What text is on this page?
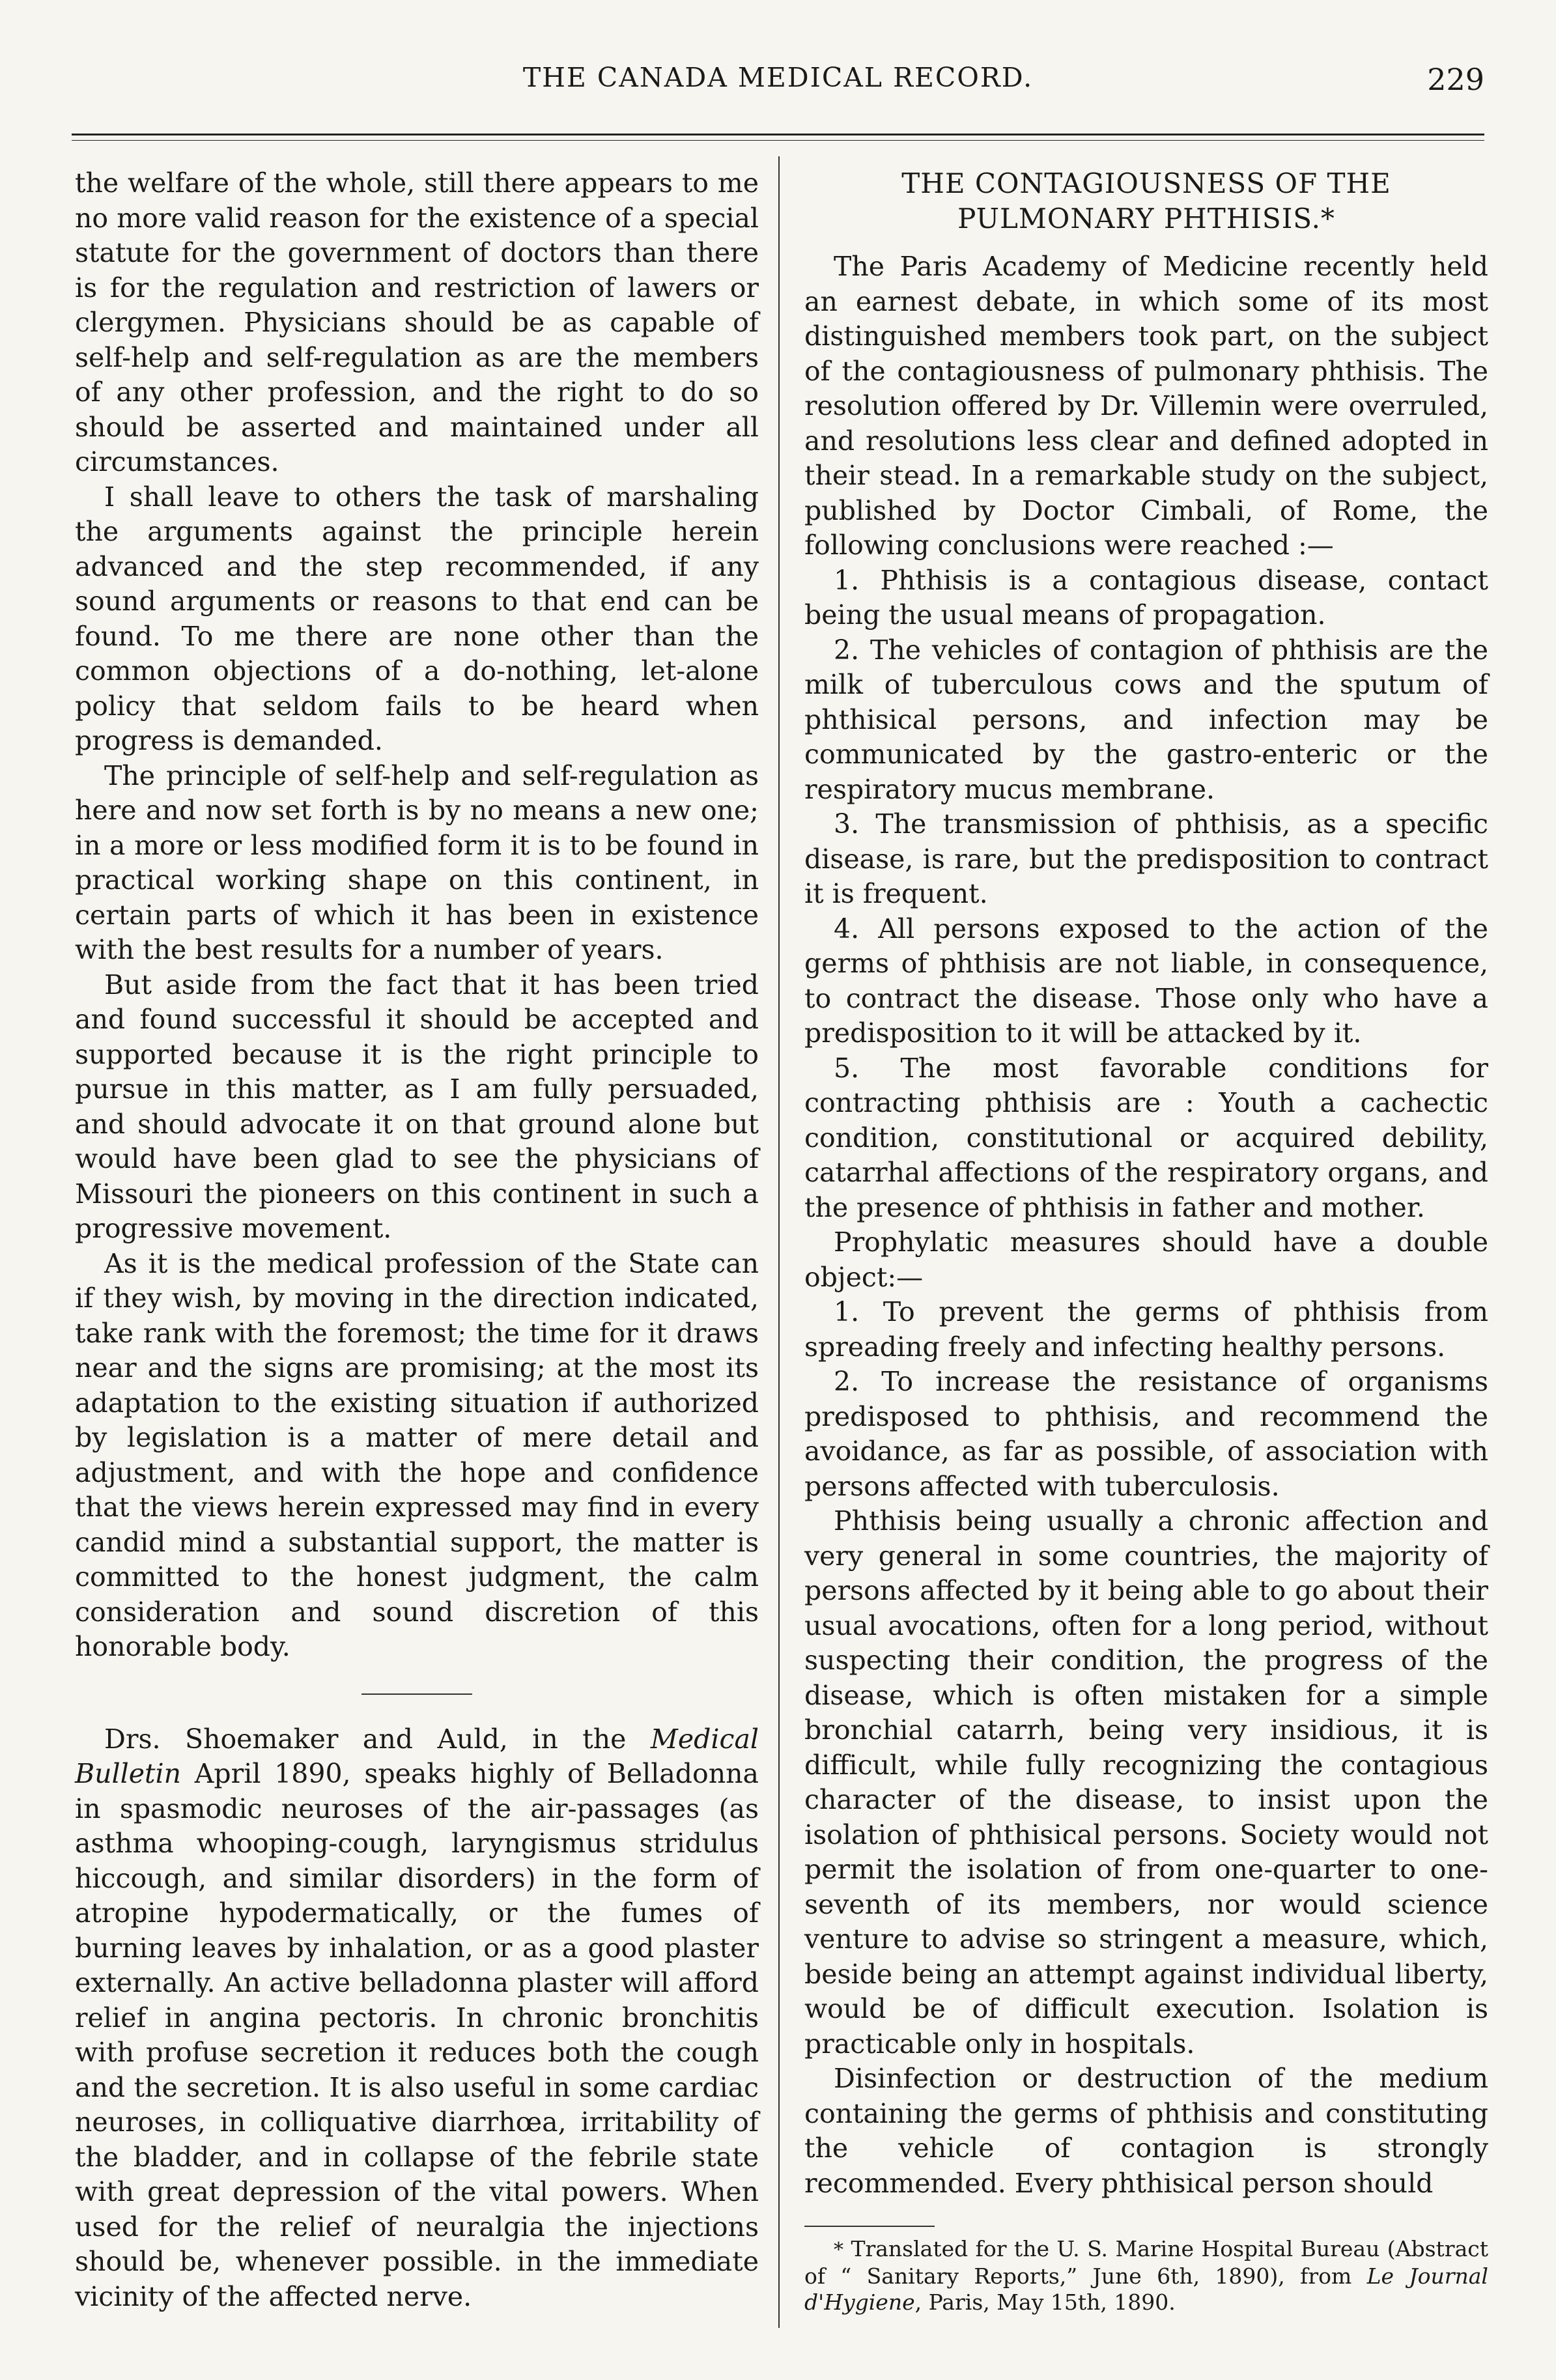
THE CANADA MEDICAL RECORD.	229

the welfare of the whole, still there appears to me no more valid reason for the existence of a special statute for the government of doctors than there is for the regulation and restriction of lawers or clergymen. Physicians should be as capable of self-help and self-regulation as are the members of any other profession, and the right to do so should be asserted and maintained under all circumstances.

I shall leave to others the task of marshaling the arguments against the principle herein advanced and the step recommended, if any sound arguments or reasons to that end can be found. To me there are none other than the common objections of a do-nothing, let-alone policy that seldom fails to be heard when progress is demanded.

The principle of self-help and self-regulation as here and now set forth is by no means a new one; in a more or less modified form it is to be found in practical working shape on this continent, in certain parts of which it has been in existence with the best results for a number of years.

But aside from the fact that it has been tried and found successful it should be accepted and supported because it is the right principle to pursue in this matter, as I am fully persuaded, and should advocate it on that ground alone but would have been glad to see the physicians of Missouri the pioneers on this continent in such a progressive movement.

As it is the medical profession of the State can if they wish, by moving in the direction indicated, take rank with the foremost; the time for it draws near and the signs are promising; at the most its adaptation to the existing situation if authorized by legislation is a matter of mere detail and adjustment, and with the hope and confidence that the views herein expressed may find in every candid mind a substantial support, the matter is committed to the honest judgment, the calm consideration and sound discretion of this honorable body.

Drs. Shoemaker and Auld, in the Medical Bulletin April 1890, speaks highly of Belladonna in spasmodic neuroses of the air-passages (as asthma whooping-cough, laryngismus stridulus hiccough, and similar disorders) in the form of atropine hypodermatically, or the fumes of burning leaves by inhalation, or as a good plaster externally. An active belladonna plaster will afford relief in angina pectoris. In chronic bronchitis with profuse secretion it reduces both the cough and the secretion. It is also useful in some cardiac neuroses, in colliquative diarrhœa, irritability of the bladder, and in collapse of the febrile state with great depression of the vital powers. When used for the relief of neuralgia the injections should be, whenever possible. in the immediate vicinity of the affected nerve.

THE CONTAGIOUSNESS OF THE PULMONARY PHTHISIS.*

The Paris Academy of Medicine recently held an earnest debate, in which some of its most distinguished members took part, on the subject of the contagiousness of pulmonary phthisis. The resolution offered by Dr. Villemin were overruled, and resolutions less clear and defined adopted in their stead. In a remarkable study on the subject, published by Doctor Cimbali, of Rome, the following conclusions were reached :—

1. Phthisis is a contagious disease, contact being the usual means of propagation.

2. The vehicles of contagion of phthisis are the milk of tuberculous cows and the sputum of phthisical persons, and infection may be communicated by the gastro-enteric or the respiratory mucus membrane.

3. The transmission of phthisis, as a specific disease, is rare, but the predisposition to contract it is frequent.

4. All persons exposed to the action of the germs of phthisis are not liable, in consequence, to contract the disease. Those only who have a predisposition to it will be attacked by it.

5. The most favorable conditions for contracting phthisis are : Youth a cachectic condition, constitutional or acquired debility, catarrhal affections of the respiratory organs, and the presence of phthisis in father and mother.

Prophylatic measures should have a double object:—

1. To prevent the germs of phthisis from spreading freely and infecting healthy persons.

2. To increase the resistance of organisms predisposed to phthisis, and recommend the avoidance, as far as possible, of association with persons affected with tuberculosis.

Phthisis being usually a chronic affection and very general in some countries, the majority of persons affected by it being able to go about their usual avocations, often for a long period, without suspecting their condition, the progress of the disease, which is often mistaken for a simple bronchial catarrh, being very insidious, it is difficult, while fully recognizing the contagious character of the disease, to insist upon the isolation of phthisical persons. Society would not permit the isolation of from one-quarter to one-seventh of its members, nor would science venture to advise so stringent a measure, which, beside being an attempt against individual liberty, would be of difficult execution. Isolation is practicable only in hospitals.

Disinfection or destruction of the medium containing the germs of phthisis and constituting the vehicle of contagion is strongly recommended. Every phthisical person should

* Translated for the U. S. Marine Hospital Bureau (Abstract of “ Sanitary Reports,” June 6th, 1890), from Le Journal d'Hygiene, Paris, May 15th, 1890.
